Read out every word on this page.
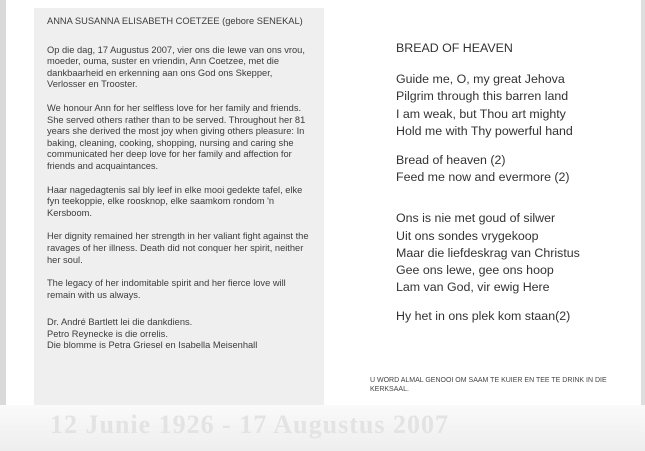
12 Junie 1926 - 17 Augustus 2007

ANNA SUSANNA ELISABETH COETZEE (gebore SENEKAL)

Op die dag, 17 Augustus 2007, vier ons die lewe van ons vrou, moeder, ouma, suster en vriendin, Ann Coetzee, met die dankbaarheid en erkenning aan ons God ons Skepper, Verlosser en Trooster.

We honour Ann for her selfless love for her family and friends. She served others rather than to be served. Throughout her 81 years she derived the most joy when giving others pleasure: In baking, cleaning, cooking, shopping, nursing and caring she communicated her deep love for her family and affection for friends and acquaintances.

Haar nagedagtenis sal bly leef in elke mooi gedekte tafel, elke fyn teekoppie, elke roosknop, elke saamkom rondom 'n Kersboom.

Her dignity remained her strength in her valiant fight against the ravages of her illness. Death did not conquer her spirit, neither her soul.

The legacy of her indomitable spirit and her fierce love will remain with us always.

Dr. André Bartlett lei die dankdiens.
Petro Reynecke is die orrelis.
Die blomme is Petra Griesel en Isabella Meisenhall
BREAD OF HEAVEN
Guide me, O, my great Jehova
Pilgrim through this barren land
I am weak, but Thou art mighty
Hold me with Thy powerful hand
Bread of heaven (2)
Feed me now and evermore (2)
Ons is nie met goud of silwer
Uit ons sondes vrygekoop
Maar die liefdeskrag van Christus
Gee ons lewe, gee ons hoop
Lam van God, vir ewig Here
Hy het in ons plek kom staan(2)
U WORD ALMAL GENOOI OM SAAM TE KUIER EN TEE TE DRINK IN DIE KERKSAAL.
